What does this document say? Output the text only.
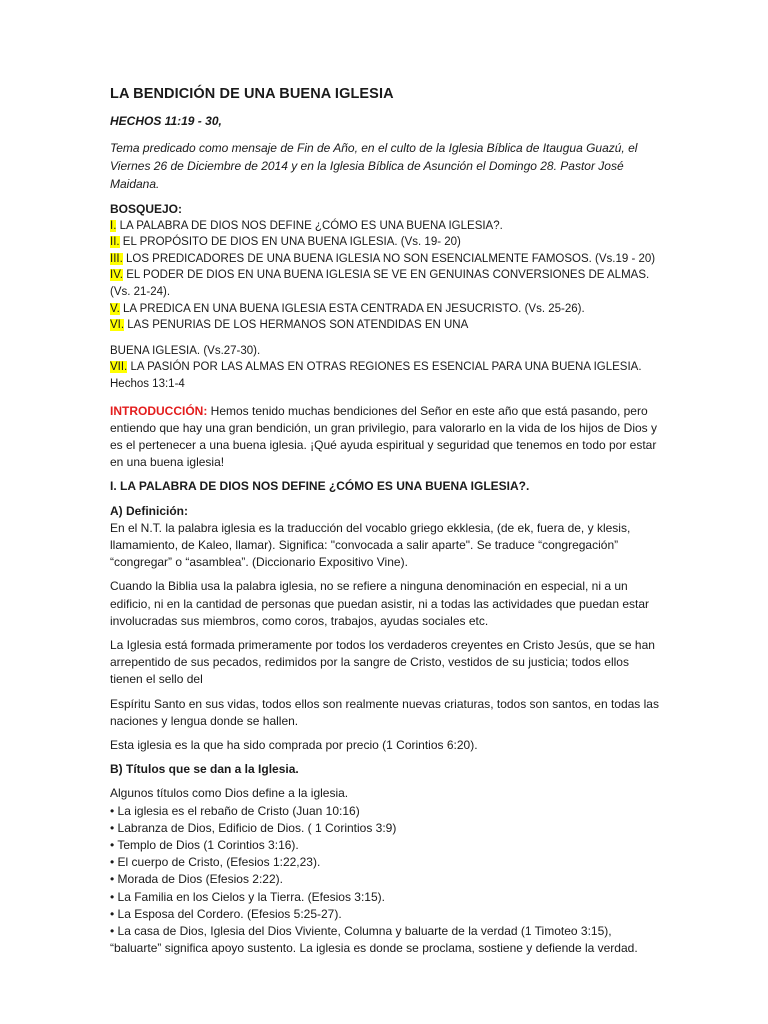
LA BENDICIÓN DE UNA BUENA IGLESIA
HECHOS 11:19 - 30,
Tema predicado como mensaje de Fin de Año, en el culto de la Iglesia Bíblica de Itaugua Guazú, el Viernes 26 de Diciembre de 2014 y en la Iglesia Bíblica de Asunción el Domingo 28. Pastor José Maidana.
BOSQUEJO:
I. LA PALABRA DE DIOS NOS DEFINE ¿CÓMO ES UNA BUENA IGLESIA?.
II. EL PROPÓSITO DE DIOS EN UNA BUENA IGLESIA. (Vs. 19- 20)
III. LOS PREDICADORES DE UNA BUENA IGLESIA NO SON ESENCIALMENTE FAMOSOS. (Vs.19 - 20)
IV. EL PODER DE DIOS EN UNA BUENA IGLESIA SE VE EN GENUINAS CONVERSIONES DE ALMAS. (Vs. 21-24).
V. LA PREDICA EN UNA BUENA IGLESIA ESTA CENTRADA EN JESUCRISTO. (Vs. 25-26).
VI. LAS PENURIAS DE LOS HERMANOS SON ATENDIDAS EN UNA
BUENA IGLESIA. (Vs.27-30).
VII. LA PASIÓN POR LAS ALMAS EN OTRAS REGIONES ES ESENCIAL PARA UNA BUENA IGLESIA. Hechos 13:1-4

INTRODUCCIÓN: Hemos tenido muchas bendiciones del Señor en este año que está pasando, pero entiendo que hay una gran bendición, un gran privilegio, para valorarlo en la vida de los hijos de Dios y es el pertenecer a una buena iglesia. ¡Qué ayuda espiritual y seguridad que tenemos en todo por estar en una buena iglesia!

I. LA PALABRA DE DIOS NOS DEFINE ¿CÓMO ES UNA BUENA IGLESIA?.

A) Definición:

En el N.T. la palabra iglesia es la traducción del vocablo griego ekklesia, (de ek, fuera de, y klesis, llamamiento, de Kaleo, llamar). Significa: "convocada a salir aparte". Se traduce “congregación” “congregar” o “asamblea”. (Diccionario Expositivo Vine).

Cuando la Biblia usa la palabra iglesia, no se refiere a ninguna denominación en especial, ni a un edificio, ni en la cantidad de personas que puedan asistir, ni a todas las actividades que puedan estar involucradas sus miembros, como coros, trabajos, ayudas sociales etc.

La Iglesia está formada primeramente por todos los verdaderos creyentes en Cristo Jesús, que se han arrepentido de sus pecados, redimidos por la sangre de Cristo, vestidos de su justicia; todos ellos tienen el sello del

Espíritu Santo en sus vidas, todos ellos son realmente nuevas criaturas, todos son santos, en todas las naciones y lengua donde se hallen.

Esta iglesia es la que ha sido comprada por precio (1 Corintios 6:20).

B) Títulos que se dan a la Iglesia.

Algunos títulos como Dios define a la iglesia.
• La iglesia es el rebaño de Cristo (Juan 10:16)
• Labranza de Dios, Edificio de Dios. ( 1 Corintios 3:9)
• Templo de Dios (1 Corintios 3:16).
• El cuerpo de Cristo, (Efesios 1:22,23).
• Morada de Dios (Efesios 2:22).
• La Familia en los Cielos y la Tierra. (Efesios 3:15).
• La Esposa del Cordero. (Efesios 5:25-27).
• La casa de Dios, Iglesia del Dios Viviente, Columna y baluarte de la verdad (1 Timoteo 3:15), “baluarte” significa apoyo sustento. La iglesia es donde se proclama, sostiene y defiende la verdad.
